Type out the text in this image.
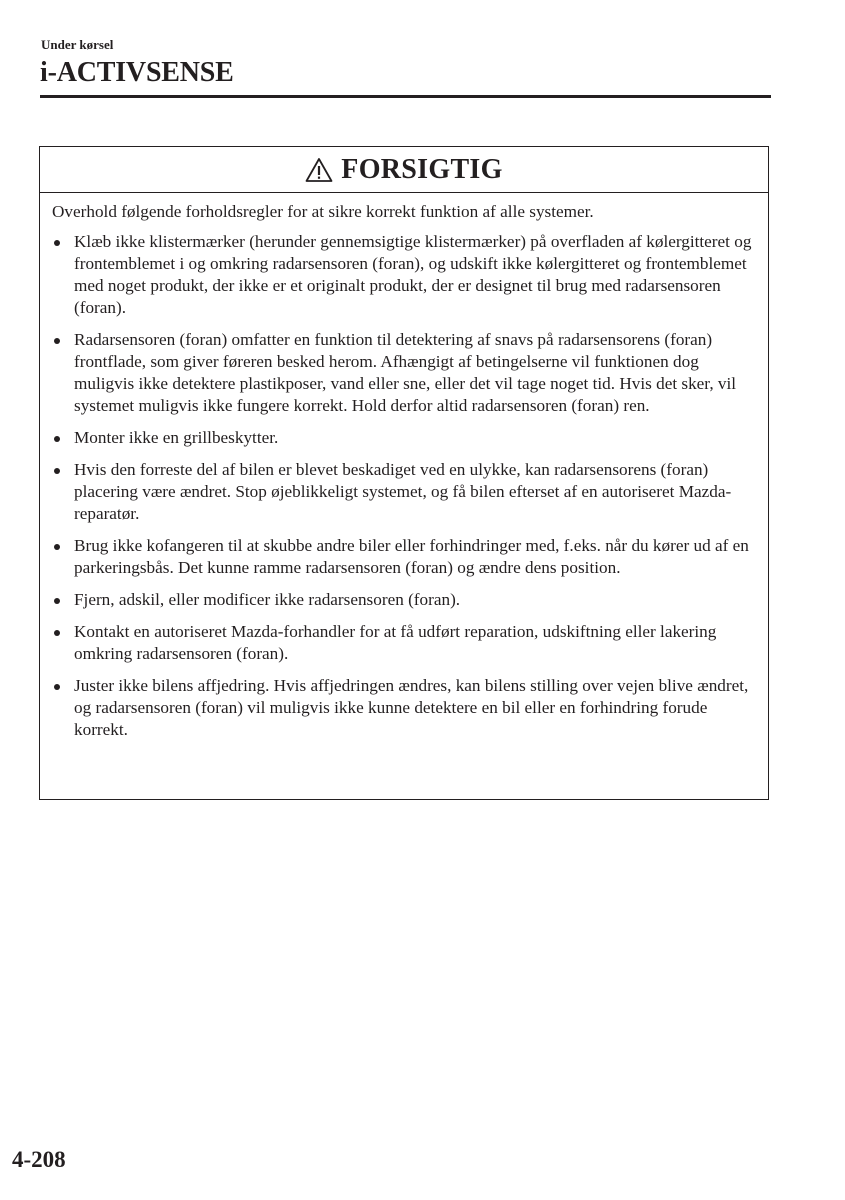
Under kørsel
i-ACTIVSENSE
FORSIGTIG

Overhold følgende forholdsregler for at sikre korrekt funktion af alle systemer.

Klæb ikke klistermærker (herunder gennemsigtige klistermærker) på overfladen af kølergitteret og frontemblemet i og omkring radarsensoren (foran), og udskift ikke kølergitteret og frontemblemet med noget produkt, der ikke er et originalt produkt, der er designet til brug med radarsensoren (foran).
Radarsensoren (foran) omfatter en funktion til detektering af snavs på radarsensorens (foran) frontflade, som giver føreren besked herom. Afhængigt af betingelserne vil funktionen dog muligvis ikke detektere plastikposer, vand eller sne, eller det vil tage noget tid. Hvis det sker, vil systemet muligvis ikke fungere korrekt. Hold derfor altid radarsensoren (foran) ren.
Monter ikke en grillbeskytter.
Hvis den forreste del af bilen er blevet beskadiget ved en ulykke, kan radarsensorens (foran) placering være ændret. Stop øjeblikkeligt systemet, og få bilen efterset af en autoriseret Mazda-reparatør.
Brug ikke kofangeren til at skubbe andre biler eller forhindringer med, f.eks. når du kører ud af en parkeringsbås. Det kunne ramme radarsensoren (foran) og ændre dens position.
Fjern, adskil, eller modificer ikke radarsensoren (foran).
Kontakt en autoriseret Mazda-forhandler for at få udført reparation, udskiftning eller lakering omkring radarsensoren (foran).
Juster ikke bilens affjedring. Hvis affjedringen ændres, kan bilens stilling over vejen blive ændret, og radarsensoren (foran) vil muligvis ikke kunne detektere en bil eller en forhindring forude korrekt.
4-208
